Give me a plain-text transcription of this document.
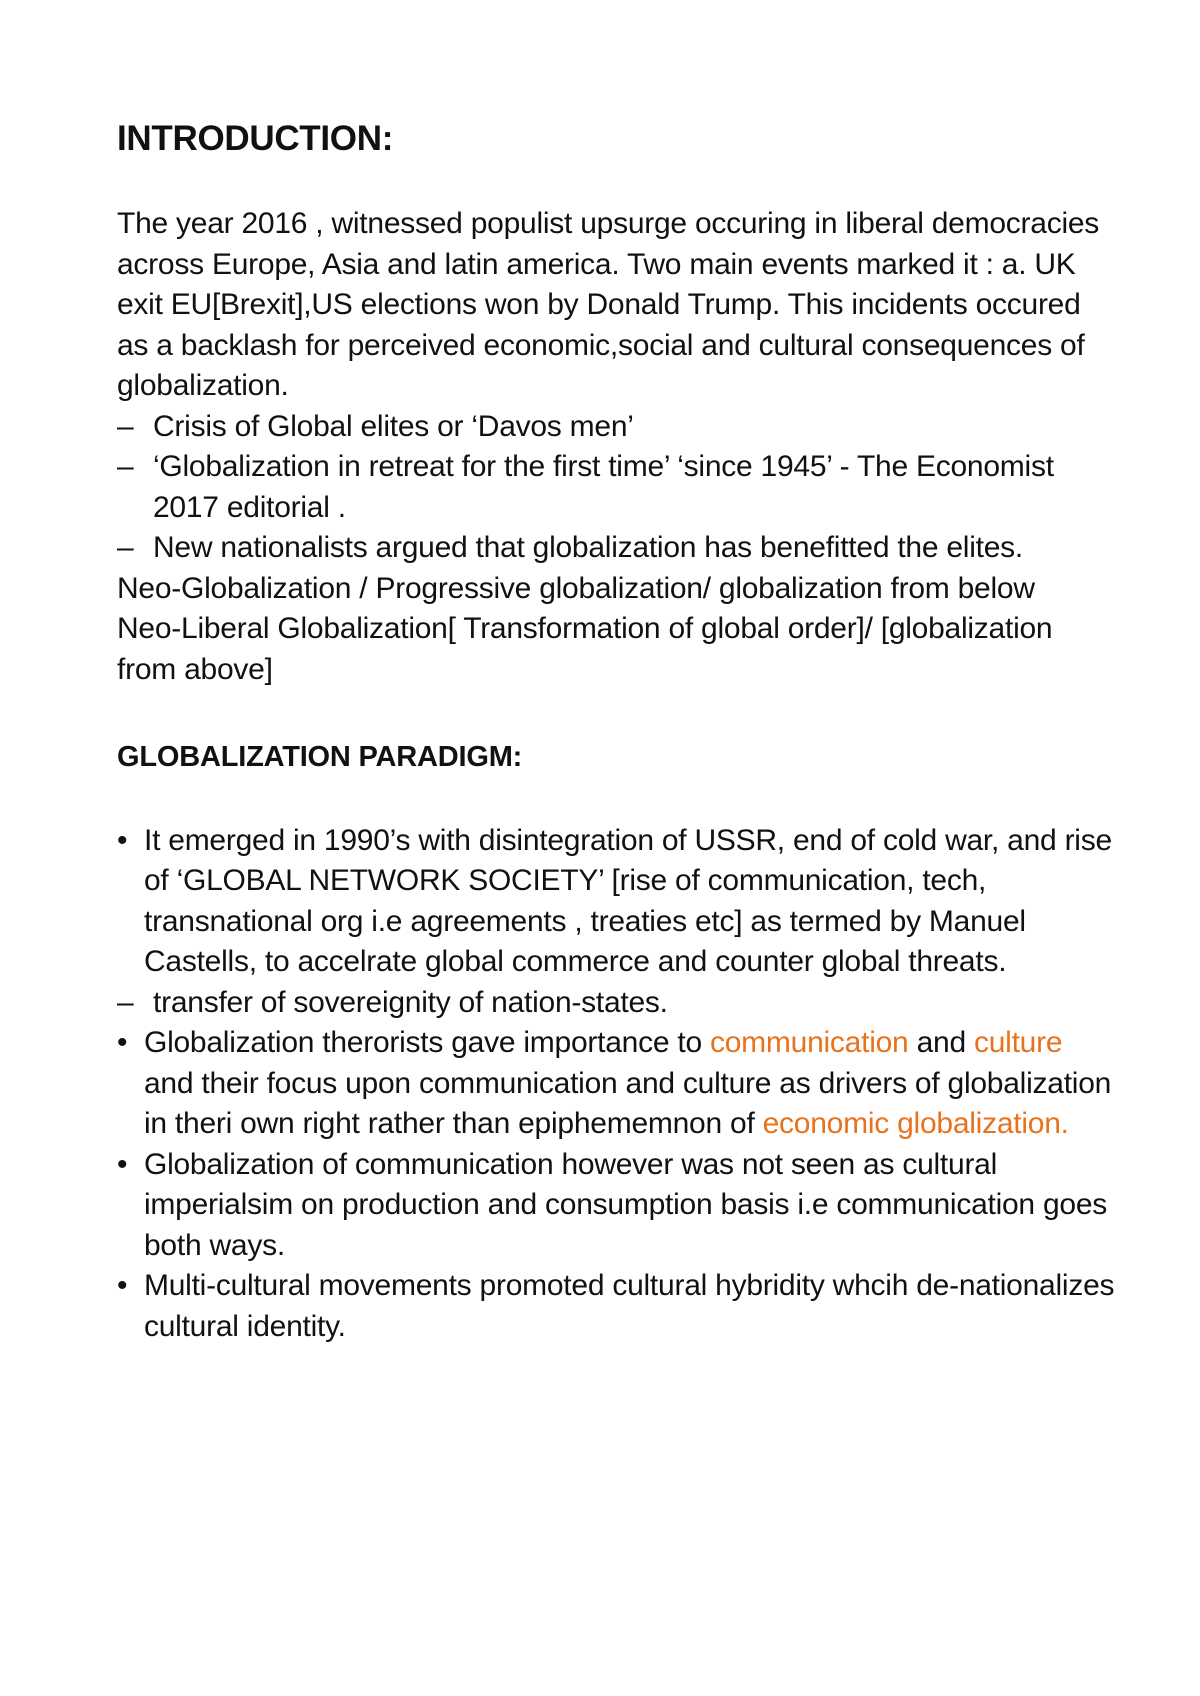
INTRODUCTION:

The year 2016 , witnessed populist upsurge occuring in liberal democracies across Europe, Asia and latin america. Two main events marked it : a. UK exit EU[Brexit],US elections won by Donald Trump. This incidents occured as a backlash for perceived economic,social and cultural consequences of globalization.

– Crisis of Global elites or ‘Davos men’
– ‘Globalization in retreat for the first time’ ‘since 1945’ - The Economist 2017 editorial .
– New nationalists argued that globalization has benefitted the elites.

Neo-Globalization / Progressive globalization/ globalization from below

Neo-Liberal Globalization[ Transformation of global order]/ [globalization from above]

GLOBALIZATION PARADIGM:
• It emerged in 1990’s with disintegration of USSR, end of cold war, and rise of ‘GLOBAL NETWORK SOCIETY’ [rise of communication, tech, transnational org i.e agreements , treaties etc] as termed by Manuel Castells, to accelrate global commerce and counter global threats.
– transfer of sovereignity of nation-states.
• Globalization therorists gave importance to communication and culture and their focus upon communication and culture as drivers of globalization in theri own right rather than epiphememnon of economic globalization.
• Globalization of communication however was not seen as cultural imperialsim on production and consumption basis i.e communication goes both ways.
• Multi-cultural movements promoted cultural hybridity whcih de-nationalizes cultural identity.
